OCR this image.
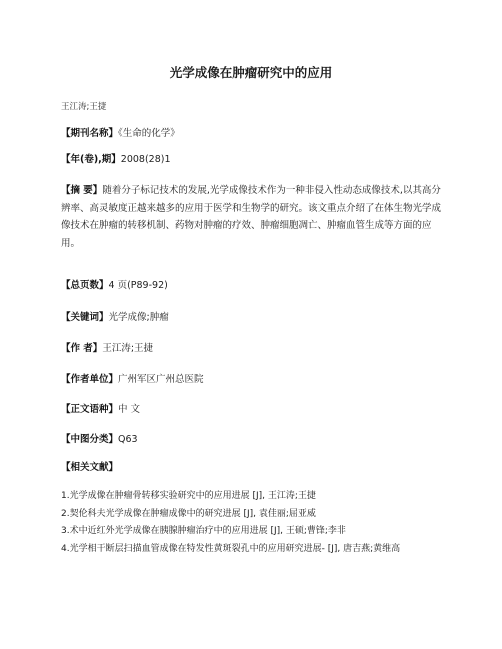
光学成像在肿瘤研究中的应用
王江涛;王捷
【期刊名称】《生命的化学》
【年(卷),期】2008(28)1
【摘 要】随着分子标记技术的发展,光学成像技术作为一种非侵入性动态成像技术,以其高分辨率、高灵敏度正越来越多的应用于医学和生物学的研究。该文重点介绍了在体生物光学成像技术在肿瘤的转移机制、药物对肿瘤的疗效、肿瘤细胞凋亡、肿瘤血管生成等方面的应用。
【总页数】4 页(P89-92)
【关键词】光学成像;肿瘤
【作 者】王江涛;王捷
【作者单位】广州军区广州总医院
【正文语种】中 文
【中图分类】Q63
【相关文献】
1.光学成像在肿瘤骨转移实验研究中的应用进展 [J], 王江涛;王捷
2.契伦科夫光学成像在肿瘤成像中的研究进展 [J], 袁佳丽;屈亚威
3.术中近红外光学成像在胰腺肿瘤治疗中的应用进展 [J], 王硕;曹锋;李非
4.光学相干断层扫描血管成像在特发性黄斑裂孔中的应用研究进展- [J], 唐吉燕;黄维高
